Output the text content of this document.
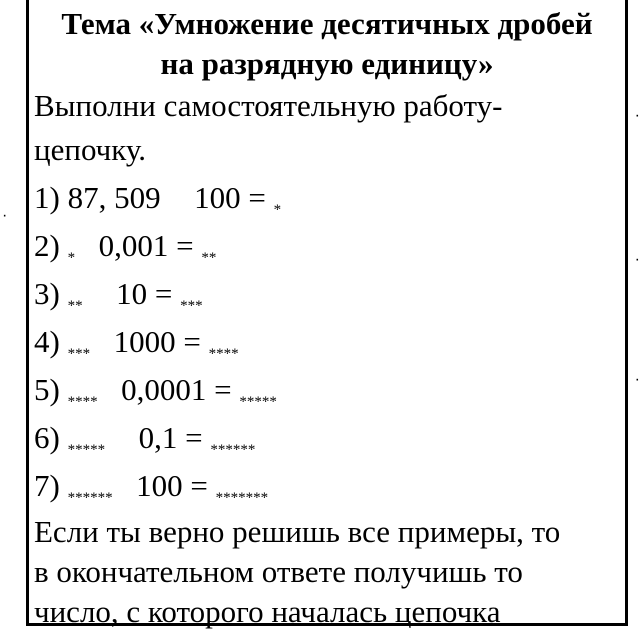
·
·
·
·
Тема «Умножение десятичных дробей
на разрядную единицу»
Выполни самостоятельную работу-
цепочку.
1) 87, 509 100 = *
2) * 0,001 = **
3) ** 10 = ***
4) *** 1000 = ****
5) **** 0,0001 = *****
6) ***** 0,1 = ******
7) ****** 100 = *******
Если ты верно решишь все примеры, то
в окончательном ответе получишь то
число, с которого началась цепочка
